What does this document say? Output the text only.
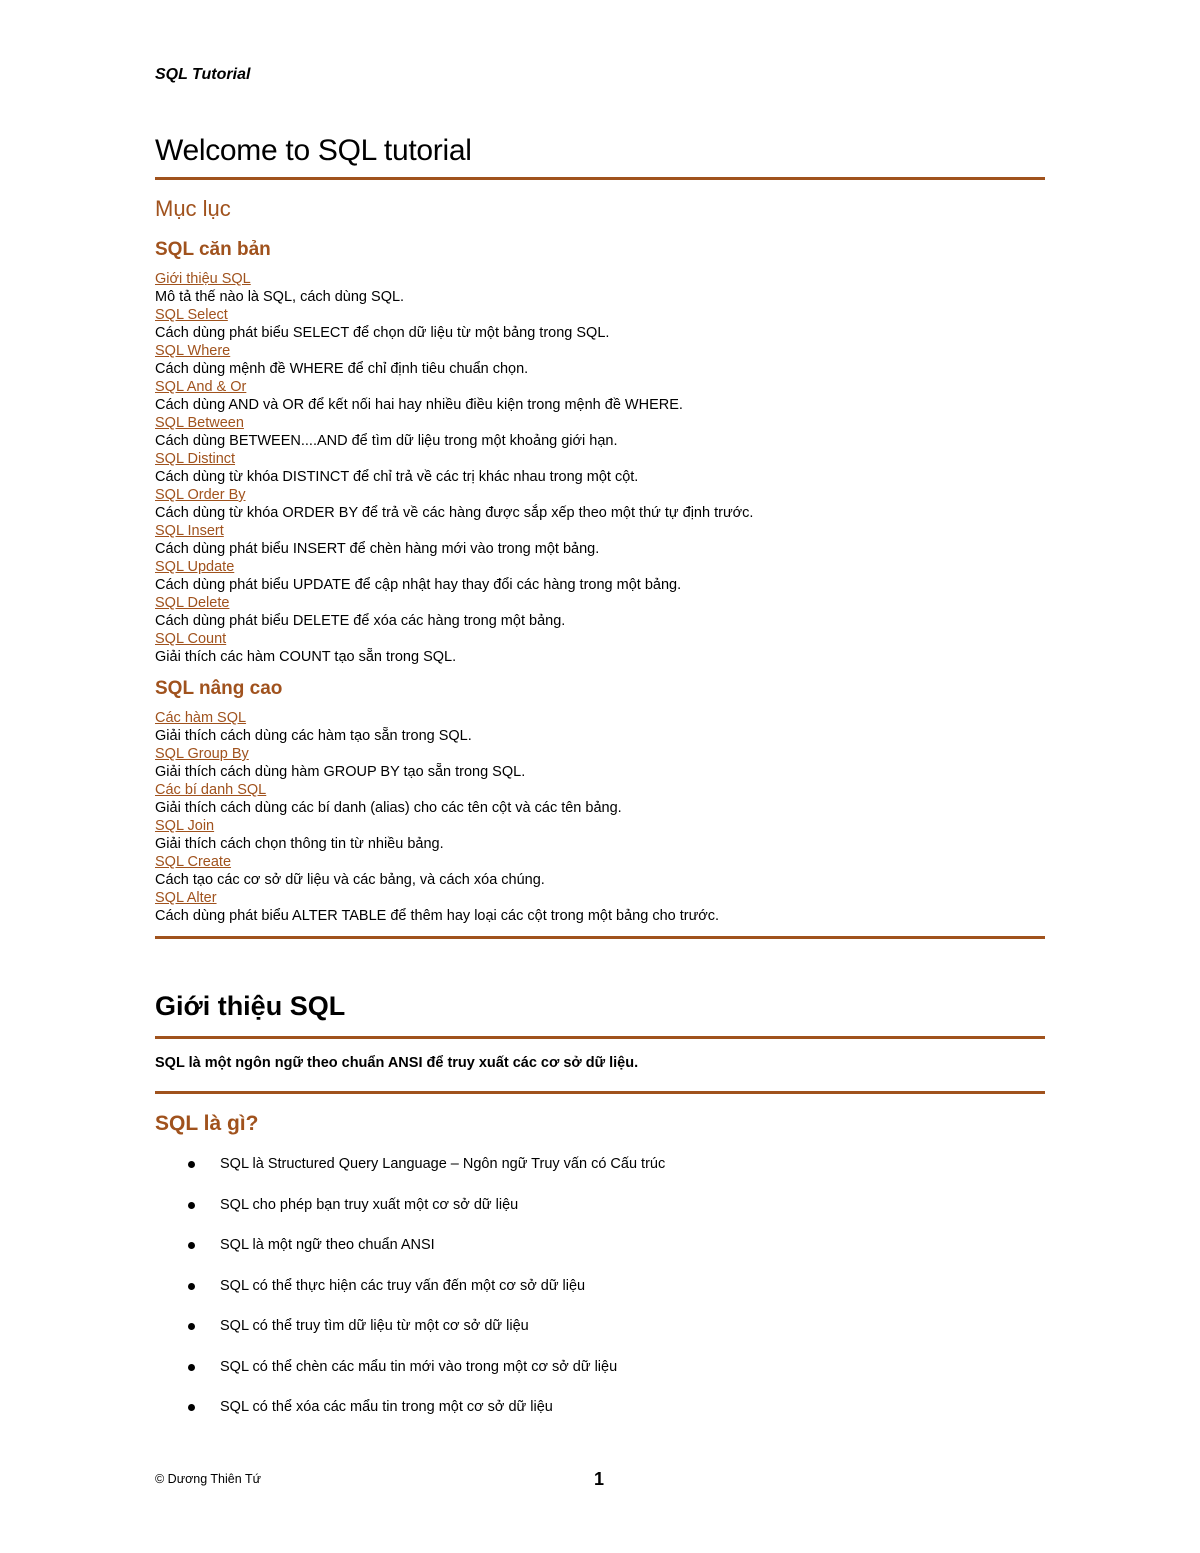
SQL Tutorial
Welcome to SQL tutorial
Mục lục
SQL căn bản
Giới thiệu SQL
Mô tả thế nào là SQL, cách dùng SQL.
SQL Select
Cách dùng phát biểu SELECT để chọn dữ liệu từ một bảng trong SQL.
SQL Where
Cách dùng mệnh đề WHERE để chỉ định tiêu chuẩn chọn.
SQL And & Or
Cách dùng AND và OR để kết nối hai hay nhiều điều kiện trong mệnh đề WHERE.
SQL Between
Cách dùng BETWEEN....AND để tìm dữ liệu trong một khoảng giới hạn.
SQL Distinct
Cách dùng từ khóa DISTINCT để chỉ trả về các trị khác nhau trong một cột.
SQL Order By
Cách dùng từ khóa ORDER BY để trả về các hàng được sắp xếp theo một thứ tự định trước.
SQL Insert
Cách dùng phát biểu INSERT để chèn hàng mới vào trong một bảng.
SQL Update
Cách dùng phát biểu UPDATE để cập nhật hay thay đổi các hàng trong một bảng.
SQL Delete
Cách dùng phát biểu DELETE để xóa các hàng trong một bảng.
SQL Count
Giải thích các hàm COUNT tạo sẵn trong SQL.
SQL nâng cao
Các hàm SQL
Giải thích cách dùng các hàm tạo sẵn trong SQL.
SQL Group By
Giải thích cách dùng hàm GROUP BY tạo sẵn trong SQL.
Các bí danh SQL
Giải thích cách dùng các bí danh (alias) cho các tên cột và các tên bảng.
SQL Join
Giải thích cách chọn thông tin từ nhiều bảng.
SQL Create
Cách tạo các cơ sở dữ liệu và các bảng, và cách xóa chúng.
SQL Alter
Cách dùng phát biểu ALTER TABLE để thêm hay loại các cột trong một bảng cho trước.
Giới thiệu SQL

SQL là một ngôn ngữ theo chuẩn ANSI để truy xuất các cơ sở dữ liệu.

SQL là gì?
SQL là Structured Query Language – Ngôn ngữ Truy vấn có Cấu trúc
SQL cho phép bạn truy xuất một cơ sở dữ liệu
SQL là một ngữ theo chuẩn ANSI
SQL có thể thực hiện các truy vấn đến một cơ sở dữ liệu
SQL có thể truy tìm dữ liệu từ một cơ sở dữ liệu
SQL có thể chèn các mẩu tin mới vào trong một cơ sở dữ liệu
SQL có thể xóa các mẩu tin trong một cơ sở dữ liệu
© Dương Thiên Tứ	1
